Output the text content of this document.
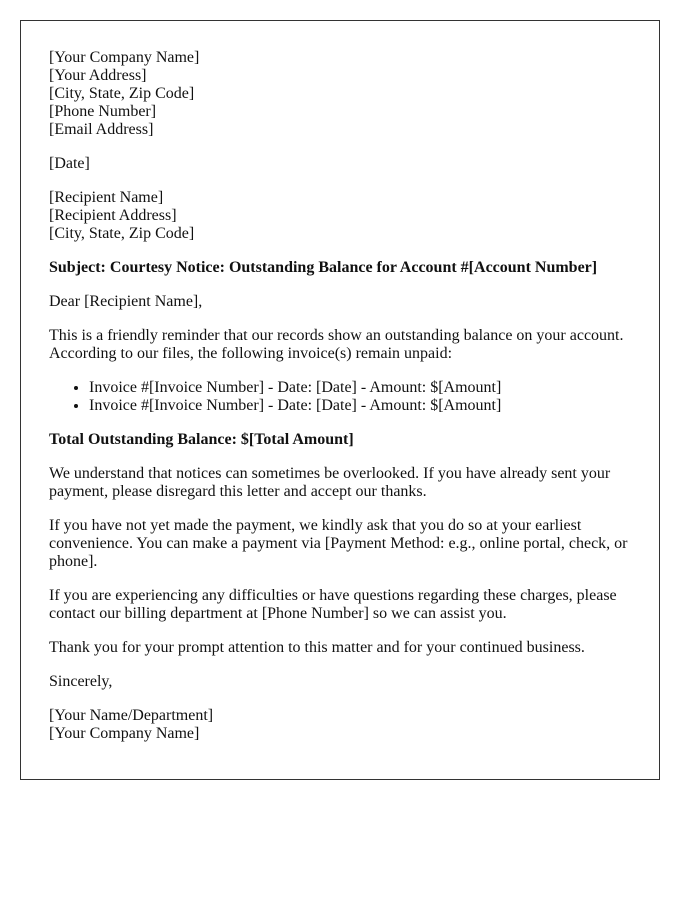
[Your Company Name]
[Your Address]
[City, State, Zip Code]
[Phone Number]
[Email Address]

[Date]

[Recipient Name]
[Recipient Address]
[City, State, Zip Code]

Subject: Courtesy Notice: Outstanding Balance for Account #[Account Number]

Dear [Recipient Name],

This is a friendly reminder that our records show an outstanding balance on your account. According to our files, the following invoice(s) remain unpaid:

• Invoice #[Invoice Number] - Date: [Date] - Amount: $[Amount]
• Invoice #[Invoice Number] - Date: [Date] - Amount: $[Amount]

Total Outstanding Balance: $[Total Amount]

We understand that notices can sometimes be overlooked. If you have already sent your payment, please disregard this letter and accept our thanks.

If you have not yet made the payment, we kindly ask that you do so at your earliest convenience. You can make a payment via [Payment Method: e.g., online portal, check, or phone].

If you are experiencing any difficulties or have questions regarding these charges, please contact our billing department at [Phone Number] so we can assist you.

Thank you for your prompt attention to this matter and for your continued business.

Sincerely,

[Your Name/Department]
[Your Company Name]
